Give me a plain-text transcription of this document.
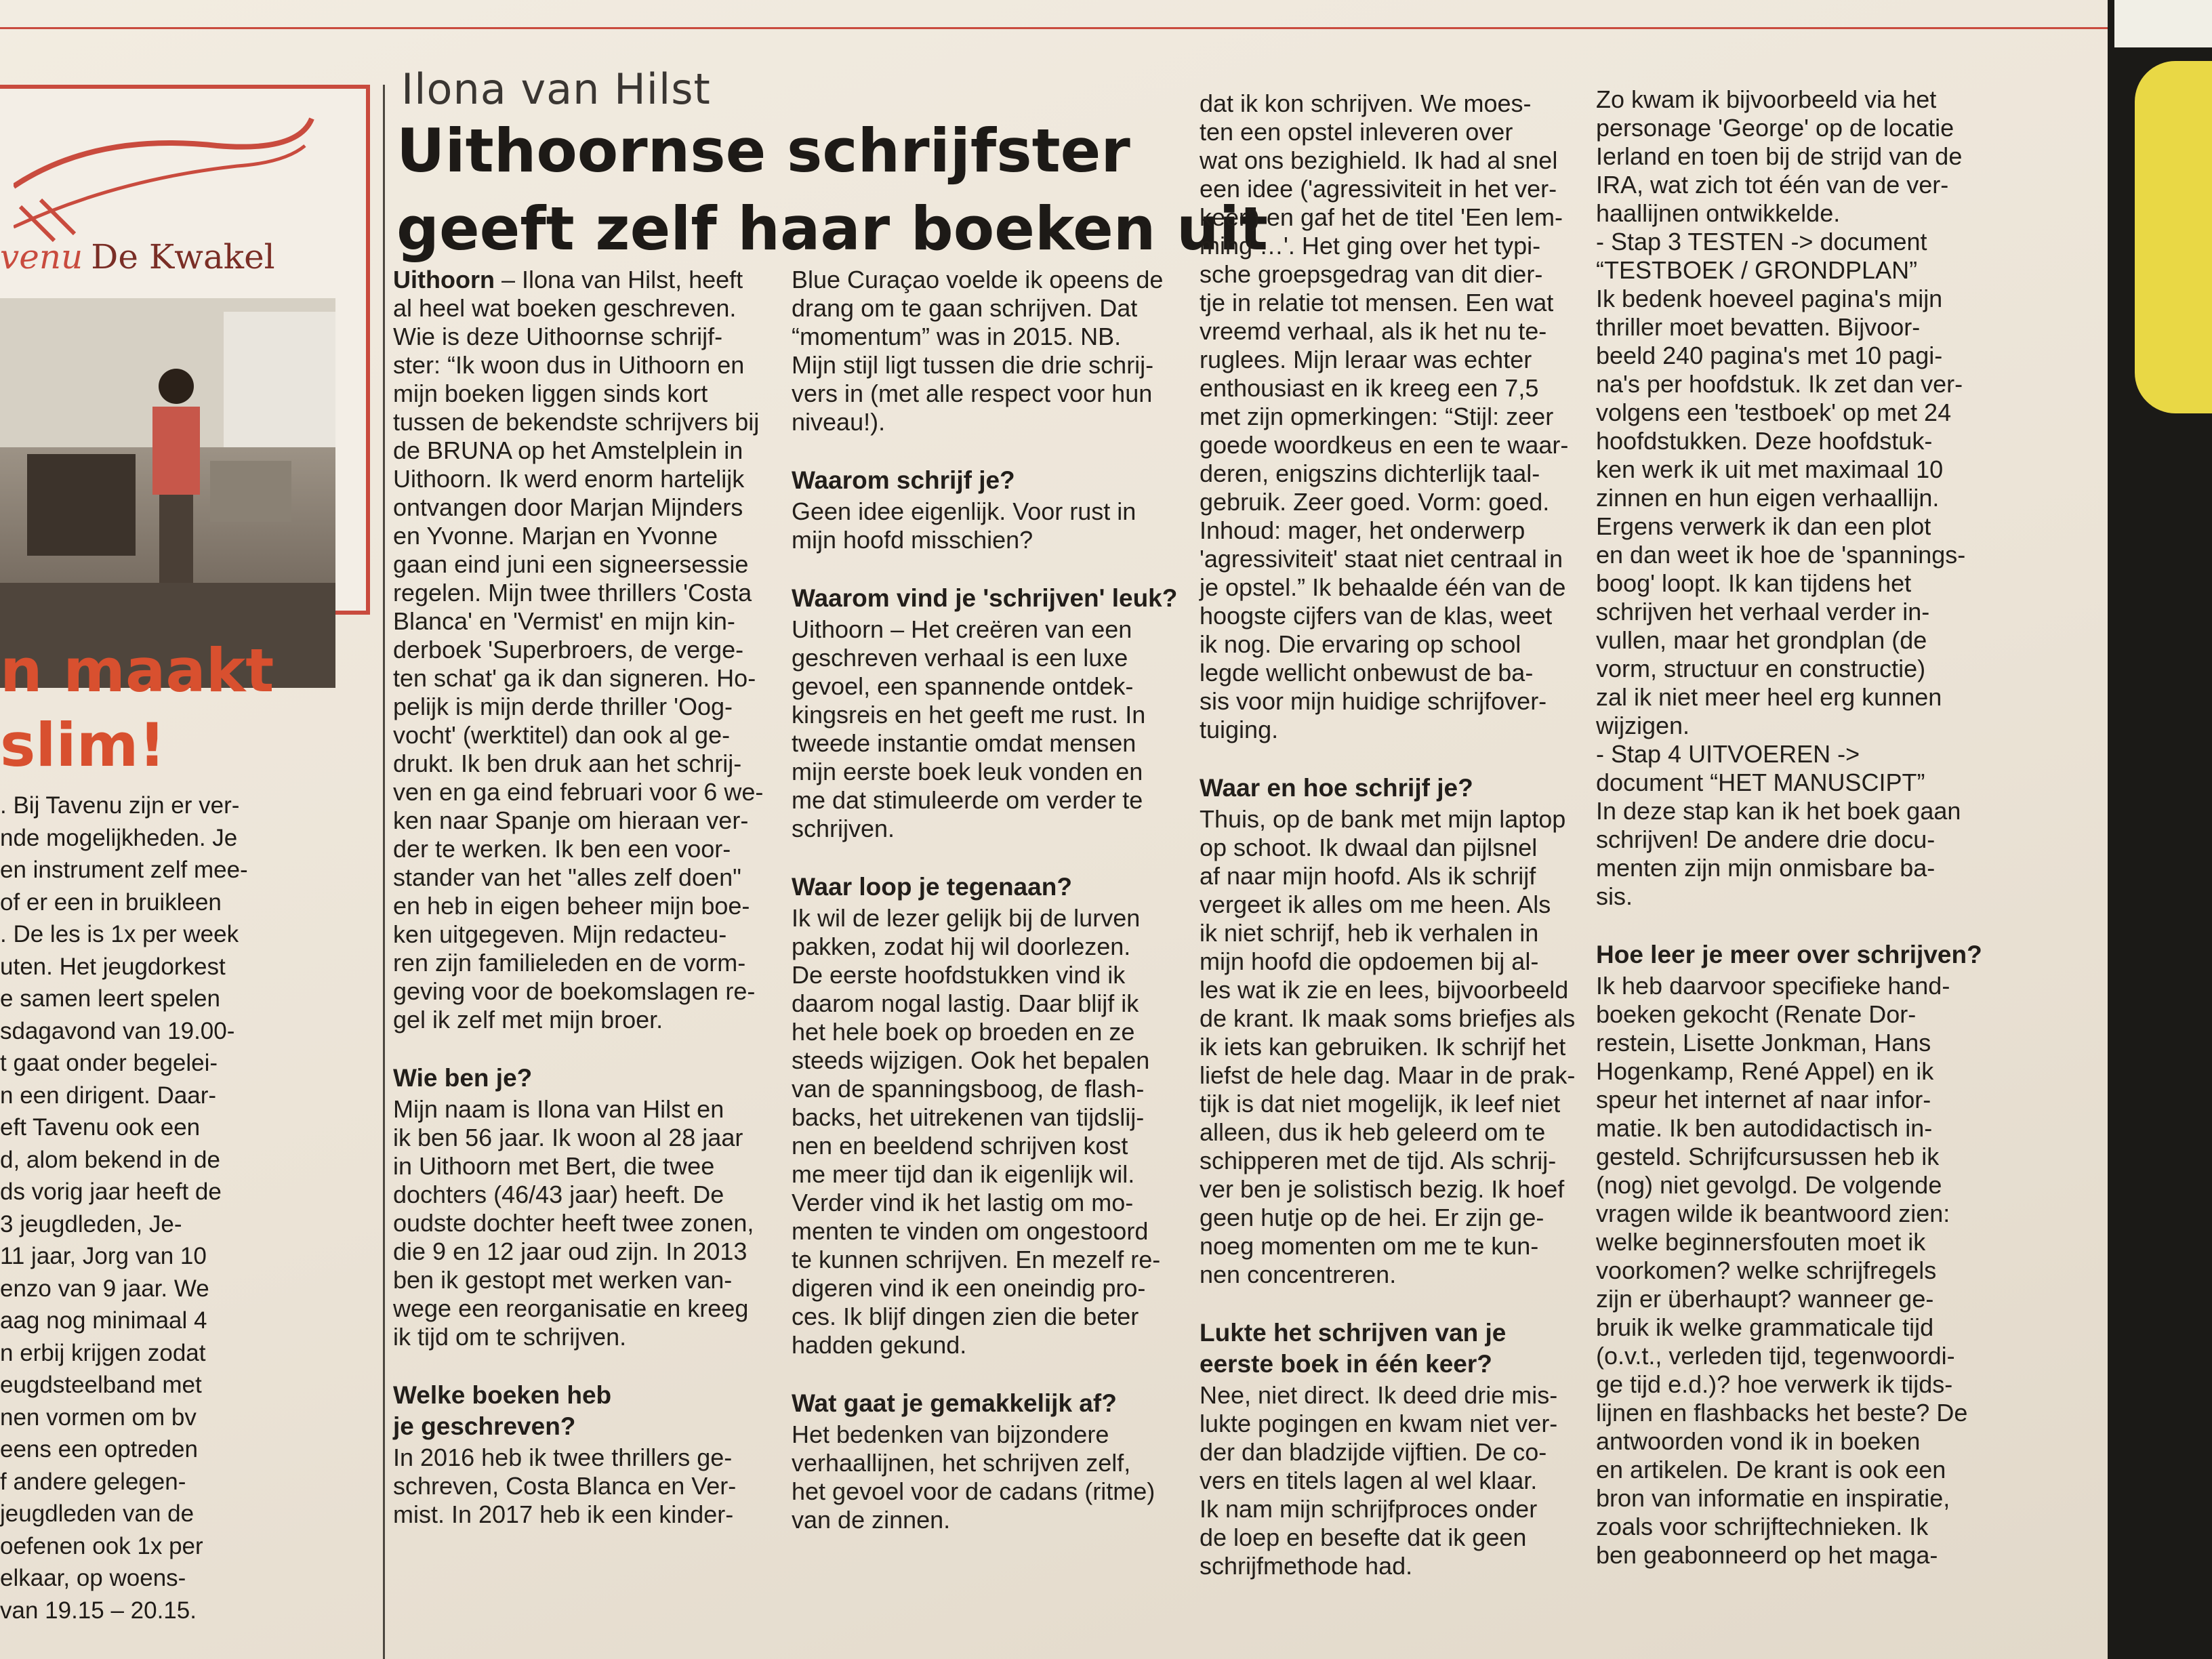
venu De Kwakel
n maakt
slim!
. Bij Tavenu zijn er ver-
nde mogelijkheden. Je
en instrument zelf mee-
of er een in bruikleen
. De les is 1x per week
uten. Het jeugdorkest
e samen leert spelen
sdagavond van 19.00-
t gaat onder begelei-
n een dirigent. Daar-
eft Tavenu ook een
d, alom bekend in de
ds vorig jaar heeft de
3 jeugdleden, Je-
11 jaar, Jorg van 10
enzo van 9 jaar. We
aag nog minimaal 4
n erbij krijgen zodat
eugdsteelband met
nen vormen om bv
eens een optreden
f andere gelegen-
jeugdleden van de
oefenen ook 1x per
elkaar, op woens-
van 19.15 – 20.15.
Ilona van Hilst
Uithoornse schrijfster
geeft zelf haar boeken uit
Uithoorn – Ilona van Hilst, heeft
al heel wat boeken geschreven.
Wie is deze Uithoornse schrijf-
ster: “Ik woon dus in Uithoorn en
mijn boeken liggen sinds kort
tussen de bekendste schrijvers bij
de BRUNA op het Amstelplein in
Uithoorn. Ik werd enorm hartelijk
ontvangen door Marjan Mijnders
en Yvonne. Marjan en Yvonne
gaan eind juni een signeersessie
regelen. Mijn twee thrillers 'Costa
Blanca' en 'Vermist' en mijn kin-
derboek 'Superbroers, de verge-
ten schat' ga ik dan signeren. Ho-
pelijk is mijn derde thriller 'Oog-
vocht' (werktitel) dan ook al ge-
drukt. Ik ben druk aan het schrij-
ven en ga eind februari voor 6 we-
ken naar Spanje om hieraan ver-
der te werken. Ik ben een voor-
stander van het "alles zelf doen"
en heb in eigen beheer mijn boe-
ken uitgegeven. Mijn redacteu-
ren zijn familieleden en de vorm-
geving voor de boekomslagen re-
gel ik zelf met mijn broer.
Wie ben je?
Mijn naam is Ilona van Hilst en
ik ben 56 jaar. Ik woon al 28 jaar
in Uithoorn met Bert, die twee
dochters (46/43 jaar) heeft. De
oudste dochter heeft twee zonen,
die 9 en 12 jaar oud zijn. In 2013
ben ik gestopt met werken van-
wege een reorganisatie en kreeg
ik tijd om te schrijven.
Welke boeken heb
je geschreven?
In 2016 heb ik twee thrillers ge-
schreven, Costa Blanca en Ver-
mist. In 2017 heb ik een kinder-
Blue Curaçao voelde ik opeens de
drang om te gaan schrijven. Dat
“momentum” was in 2015. NB.
Mijn stijl ligt tussen die drie schrij-
vers in (met alle respect voor hun
niveau!).
Waarom schrijf je?
Geen idee eigenlijk. Voor rust in
mijn hoofd misschien?
Waarom vind je 'schrijven' leuk?
Uithoorn – Het creëren van een
geschreven verhaal is een luxe
gevoel, een spannende ontdek-
kingsreis en het geeft me rust. In
tweede instantie omdat mensen
mijn eerste boek leuk vonden en
me dat stimuleerde om verder te
schrijven.
Waar loop je tegenaan?
Ik wil de lezer gelijk bij de lurven
pakken, zodat hij wil doorlezen.
De eerste hoofdstukken vind ik
daarom nogal lastig. Daar blijf ik
het hele boek op broeden en ze
steeds wijzigen. Ook het bepalen
van de spanningsboog, de flash-
backs, het uitrekenen van tijdslij-
nen en beeldend schrijven kost
me meer tijd dan ik eigenlijk wil.
Verder vind ik het lastig om mo-
menten te vinden om ongestoord
te kunnen schrijven. En mezelf re-
digeren vind ik een oneindig pro-
ces. Ik blijf dingen zien die beter
hadden gekund.
Wat gaat je gemakkelijk af?
Het bedenken van bijzondere
verhaallijnen, het schrijven zelf,
het gevoel voor de cadans (ritme)
van de zinnen.
dat ik kon schrijven. We moes-
ten een opstel inleveren over
wat ons bezighield. Ik had al snel
een idee ('agressiviteit in het ver-
keer') en gaf het de titel 'Een lem-
ming …'. Het ging over het typi-
sche groepsgedrag van dit dier-
tje in relatie tot mensen. Een wat
vreemd verhaal, als ik het nu te-
ruglees. Mijn leraar was echter
enthousiast en ik kreeg een 7,5
met zijn opmerkingen: “Stijl: zeer
goede woordkeus en een te waar-
deren, enigszins dichterlijk taal-
gebruik. Zeer goed. Vorm: goed.
Inhoud: mager, het onderwerp
'agressiviteit' staat niet centraal in
je opstel.” Ik behaalde één van de
hoogste cijfers van de klas, weet
ik nog. Die ervaring op school
legde wellicht onbewust de ba-
sis voor mijn huidige schrijfover-
tuiging.
Waar en hoe schrijf je?
Thuis, op de bank met mijn laptop
op schoot. Ik dwaal dan pijlsnel
af naar mijn hoofd. Als ik schrijf
vergeet ik alles om me heen. Als
ik niet schrijf, heb ik verhalen in
mijn hoofd die opdoemen bij al-
les wat ik zie en lees, bijvoorbeeld
de krant. Ik maak soms briefjes als
ik iets kan gebruiken. Ik schrijf het
liefst de hele dag. Maar in de prak-
tijk is dat niet mogelijk, ik leef niet
alleen, dus ik heb geleerd om te
schipperen met de tijd. Als schrij-
ver ben je solistisch bezig. Ik hoef
geen hutje op de hei. Er zijn ge-
noeg momenten om me te kun-
nen concentreren.
Lukte het schrijven van je
eerste boek in één keer?
Nee, niet direct. Ik deed drie mis-
lukte pogingen en kwam niet ver-
der dan bladzijde vijftien. De co-
vers en titels lagen al wel klaar.
Ik nam mijn schrijfproces onder
de loep en besefte dat ik geen
schrijfmethode had.
Zo kwam ik bijvoorbeeld via het
personage 'George' op de locatie
Ierland en toen bij de strijd van de
IRA, wat zich tot één van de ver-
haallijnen ontwikkelde.
- Stap 3 TESTEN -> document
“TESTBOEK / GRONDPLAN”
Ik bedenk hoeveel pagina's mijn
thriller moet bevatten. Bijvoor-
beeld 240 pagina's met 10 pagi-
na's per hoofdstuk. Ik zet dan ver-
volgens een 'testboek' op met 24
hoofdstukken. Deze hoofdstuk-
ken werk ik uit met maximaal 10
zinnen en hun eigen verhaallijn.
Ergens verwerk ik dan een plot
en dan weet ik hoe de 'spannings-
boog' loopt. Ik kan tijdens het
schrijven het verhaal verder in-
vullen, maar het grondplan (de
vorm, structuur en constructie)
zal ik niet meer heel erg kunnen
wijzigen.
- Stap 4 UITVOEREN ->
document “HET MANUSCIPT”
In deze stap kan ik het boek gaan
schrijven! De andere drie docu-
menten zijn mijn onmisbare ba-
sis.
Hoe leer je meer over schrijven?
Ik heb daarvoor specifieke hand-
boeken gekocht (Renate Dor-
restein, Lisette Jonkman, Hans
Hogenkamp, René Appel) en ik
speur het internet af naar infor-
matie. Ik ben autodidactisch in-
gesteld. Schrijfcursussen heb ik
(nog) niet gevolgd. De volgende
vragen wilde ik beantwoord zien:
welke beginnersfouten moet ik
voorkomen? welke schrijfregels
zijn er überhaupt? wanneer ge-
bruik ik welke grammaticale tijd
(o.v.t., verleden tijd, tegenwoordi-
ge tijd e.d.)? hoe verwerk ik tijds-
lijnen en flashbacks het beste? De
antwoorden vond ik in boeken
en artikelen. De krant is ook een
bron van informatie en inspiratie,
zoals voor schrijftechnieken. Ik
ben geabonneerd op het maga-
